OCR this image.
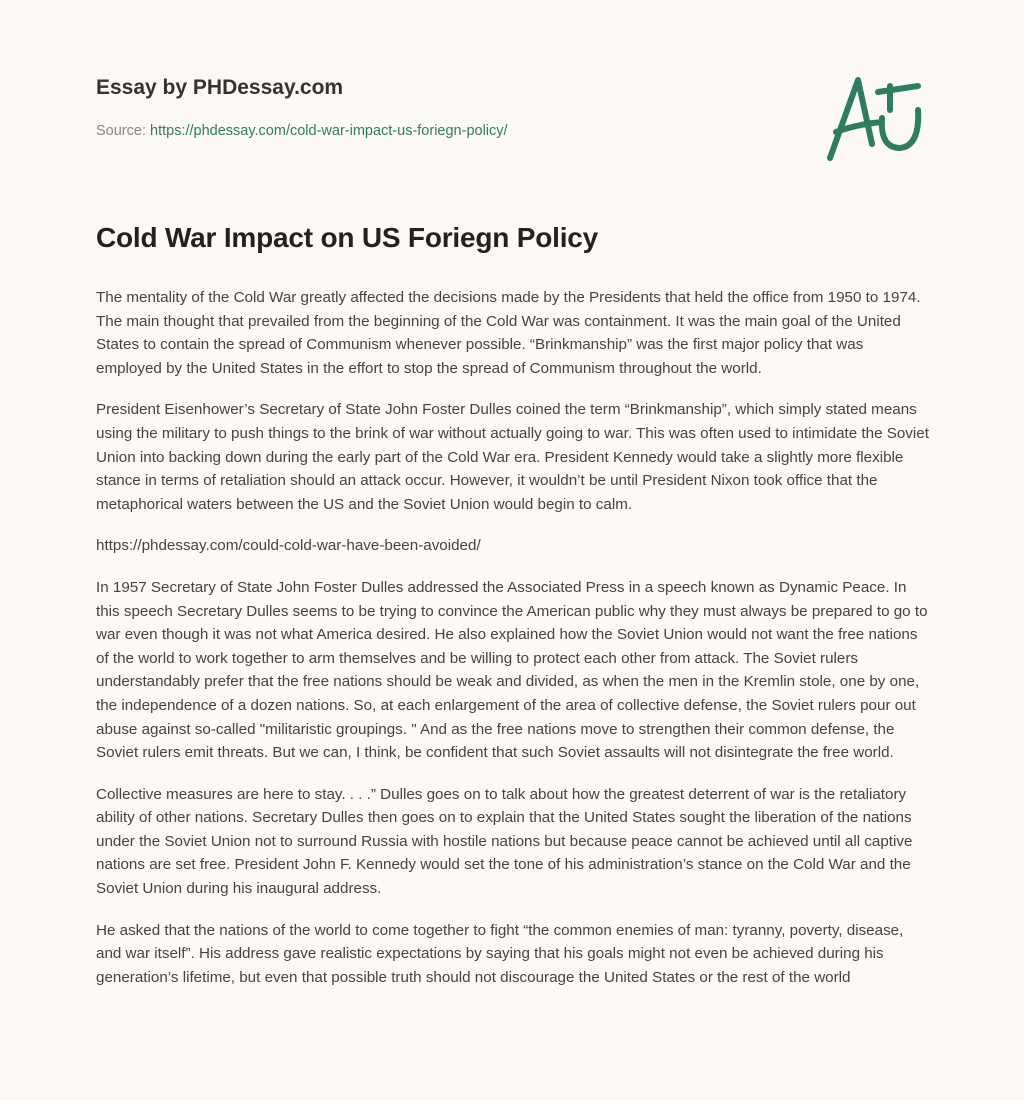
Essay by PHDessay.com
Source: https://phdessay.com/cold-war-impact-us-foriegn-policy/
Cold War Impact on US Foriegn Policy

The mentality of the Cold War greatly affected the decisions made by the Presidents that held the office from 1950 to 1974. The main thought that prevailed from the beginning of the Cold War was containment. It was the main goal of the United States to contain the spread of Communism whenever possible. “Brinkmanship” was the first major policy that was employed by the United States in the effort to stop the spread of Communism throughout the world.

President Eisenhower’s Secretary of State John Foster Dulles coined the term “Brinkmanship”, which simply stated means using the military to push things to the brink of war without actually going to war. This was often used to intimidate the Soviet Union into backing down during the early part of the Cold War era. President Kennedy would take a slightly more flexible stance in terms of retaliation should an attack occur. However, it wouldn’t be until President Nixon took office that the metaphorical waters between the US and the Soviet Union would begin to calm.

https://phdessay.com/could-cold-war-have-been-avoided/

In 1957 Secretary of State John Foster Dulles addressed the Associated Press in a speech known as Dynamic Peace. In this speech Secretary Dulles seems to be trying to convince the American public why they must always be prepared to go to war even though it was not what America desired. He also explained how the Soviet Union would not want the free nations of the world to work together to arm themselves and be willing to protect each other from attack. The Soviet rulers understandably prefer that the free nations should be weak and divided, as when the men in the Kremlin stole, one by one, the independence of a dozen nations. So, at each enlargement of the area of collective defense, the Soviet rulers pour out abuse against so-called "militaristic groupings. " And as the free nations move to strengthen their common defense, the Soviet rulers emit threats. But we can, I think, be confident that such Soviet assaults will not disintegrate the free world.

Collective measures are here to stay. . . .” Dulles goes on to talk about how the greatest deterrent of war is the retaliatory ability of other nations. Secretary Dulles then goes on to explain that the United States sought the liberation of the nations under the Soviet Union not to surround Russia with hostile nations but because peace cannot be achieved until all captive nations are set free. President John F. Kennedy would set the tone of his administration’s stance on the Cold War and the Soviet Union during his inaugural address.

He asked that the nations of the world to come together to fight “the common enemies of man: tyranny, poverty, disease, and war itself”. His address gave realistic expectations by saying that his goals might not even be achieved during his generation’s lifetime, but even that possible truth should not discourage the United States or the rest of the world
